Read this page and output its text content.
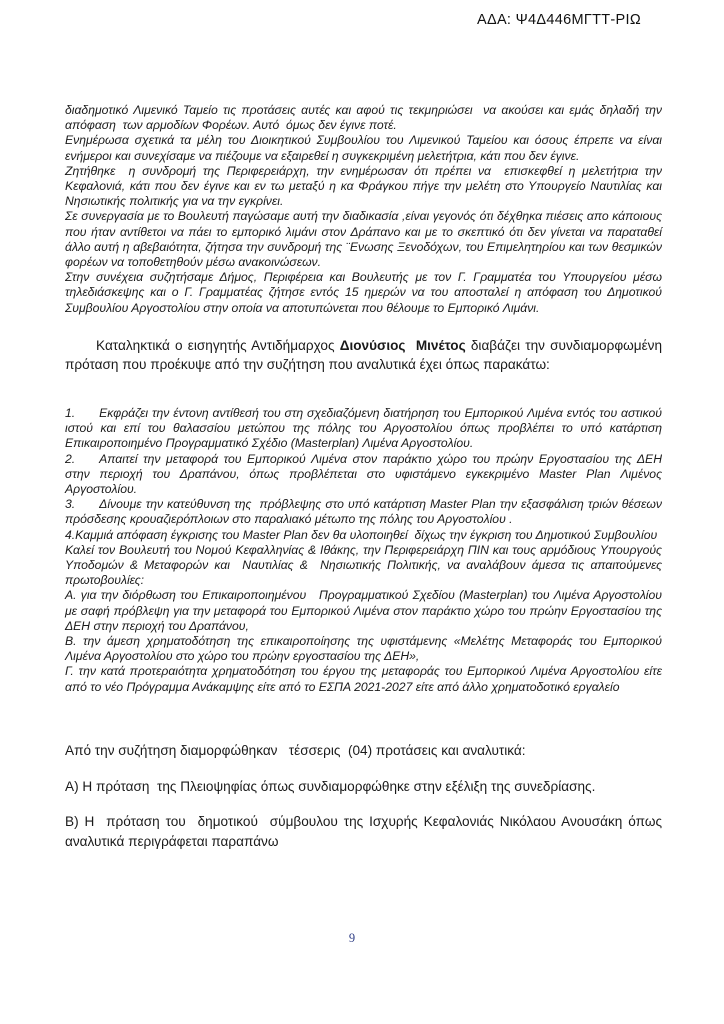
ΑΔΑ: Ψ4Δ446ΜΓΤΤ-ΡΙΩ

διαδημοτικό Λιμενικό Ταμείο τις προτάσεις αυτές και αφού τις τεκμηριώσει  να ακούσει και εμάς δηλαδή την απόφαση  των αρμοδίων Φορέων. Αυτό  όμως δεν έγινε ποτέ.

Ενημέρωσα σχετικά τα μέλη του Διοικητικού Συμβουλίου του Λιμενικού Ταμείου και όσους έπρεπε να είναι ενήμεροι και συνεχίσαμε να πιέζουμε να εξαιρεθεί η συγκεκριμένη μελετήτρια, κάτι που δεν έγινε.

Ζητήθηκε  η συνδρομή της Περιφερειάρχη, την ενημέρωσαν ότι πρέπει να  επισκεφθεί η μελετήτρια την Κεφαλονιά, κάτι που δεν έγινε και εν τω μεταξύ η κα Φράγκου πήγε την μελέτη στο Υπουργείο Ναυτιλίας και Νησιωτικής πολιτικής για να την εγκρίνει.

Σε συνεργασία με το Βουλευτή παγώσαμε αυτή την διαδικασία ,είναι γεγονός ότι δέχθηκα πιέσεις απο κάποιους που ήταν αντίθετοι να πάει το εμπορικό λιμάνι στον Δράπανο και με το σκεπτικό ότι δεν γίνεται να παραταθεί άλλο αυτή η αβεβαιότητα, ζήτησα την συνδρομή της ¨Ενωσης Ξενοδόχων, του Επιμελητηρίου και των θεσμικών φορέων να τοποθετηθούν μέσω ανακοινώσεων.

Στην συνέχεια συζητήσαμε Δήμος, Περιφέρεια και Βουλευτής με τον Γ. Γραμματέα του Υπουργείου μέσω τηλεδιάσκεψης και ο Γ. Γραμματέας ζήτησε εντός 15 ημερών να του αποσταλεί η απόφαση του Δημοτικού Συμβουλίου Αργοστολίου στην οποία να αποτυπώνεται που θέλουμε το Εμπορικό Λιμάνι.

Καταληκτικά ο εισηγητής Αντιδήμαρχος Διονύσιος  Μινέτος διαβάζει την συνδιαμορφωμένη πρόταση που προέκυψε από την συζήτηση που αναλυτικά έχει όπως παρακάτω:

1. Εκφράζει την έντονη αντίθεσή του στη σχεδιαζόμενη διατήρηση του Εμπορικού Λιμένα εντός του αστικού ιστού και επί του θαλασσίου μετώπου της πόλης του Αργοστολίου όπως προβλέπει το υπό κατάρτιση Επικαιροποιημένο Προγραμματικό Σχέδιο (Masterplan) Λιμένα Αργοστολίου.

2. Απαιτεί την μεταφορά του Εμπορικού Λιμένα στον παράκτιο χώρο του πρώην Εργοστασίου της ΔΕΗ στην περιοχή του Δραπάνου, όπως προβλέπεται στο υφιστάμενο εγκεκριμένο Master Plan Λιμένος Αργοστολίου.

3. Δίνουμε την κατεύθυνση της  πρόβλεψης στο υπό κατάρτιση Master Plan την εξασφάλιση τριών θέσεων πρόσδεσης κρουαζιερόπλοιων στο παραλιακό μέτωπο της πόλης του Αργοστολίου .

4.Καμμιά απόφαση έγκρισης του Master Plan δεν θα υλοποιηθεί  δίχως την έγκριση του Δημοτικού Συμβουλίου

Καλεί τον Βουλευτή του Νομού Κεφαλληνίας & Ιθάκης, την Περιφερειάρχη ΠΙΝ και τους αρμόδιους Υπουργούς Υποδομών & Μεταφορών και  Ναυτιλίας &  Νησιωτικής Πολιτικής, να αναλάβουν άμεσα τις απαιτούμενες πρωτοβουλίες:

Α. για την διόρθωση του Επικαιροποιημένου   Προγραμματικού Σχεδίου (Masterplan) του Λιμένα Αργοστολίου με σαφή πρόβλεψη για την μεταφορά του Εμπορικού Λιμένα στον παράκτιο χώρο του πρώην Εργοστασίου της ΔΕΗ στην περιοχή του Δραπάνου,

Β. την άμεση χρηματοδότηση της επικαιροποίησης της υφιστάμενης «Μελέτης Μεταφοράς του Εμπορικού Λιμένα Αργοστολίου στο χώρο του πρώην εργοστασίου της ΔΕΗ»,

Γ. την κατά προτεραιότητα χρηματοδότηση του έργου της μεταφοράς του Εμπορικού Λιμένα Αργοστολίου είτε από το νέο Πρόγραμμα Ανάκαμψης είτε από το ΕΣΠΑ 2021-2027 είτε από άλλο χρηματοδοτικό εργαλείο

Από την συζήτηση διαμορφώθηκαν   τέσσερις  (04) προτάσεις και αναλυτικά:

Α) Η πρόταση  της Πλειοψηφίας όπως συνδιαμορφώθηκε στην εξέλιξη της συνεδρίασης.

Β) Η  πρόταση του  δημοτικού  σύμβουλου της Ισχυρής Κεφαλονιάς Νικόλαου Ανουσάκη όπως αναλυτικά περιγράφεται παραπάνω

9
